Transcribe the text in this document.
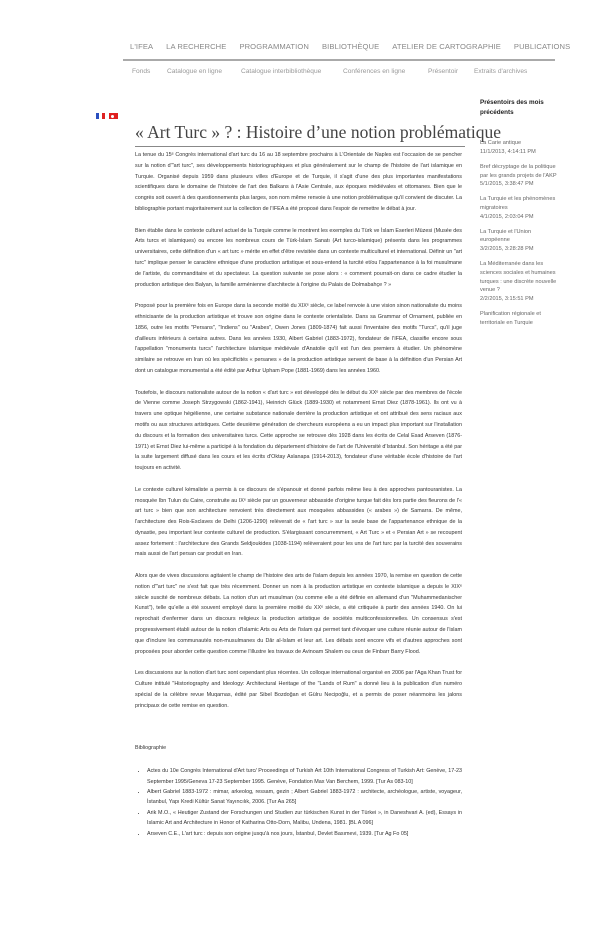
L'IFEA LA RECHERCHE PROGRAMMATION BIBLIOTHÈQUE ATELIER DE CARTOGRAPHIE PUBLICATIONS
Fonds	Catalogue en ligne	Catalogue interbibliothèque	Conférences en ligne	Présentoir Extraits d'archives
« Art Turc » ? : Histoire d’une notion problématique

La tenue du 15ᵉ Congrès international d'art turc du 16 au 18 septembre prochains à L'Orientale de Naples est l'occasion de se pencher sur la notion d'"art turc", ses développements historiographiques et plus généralement sur le champ de l'histoire de l'art islamique en Turquie. Organisé depuis 1959 dans plusieurs villes d'Europe et de Turquie, il s'agit d'une des plus importantes manifestations scientifiques dans le domaine de l'histoire de l'art des Balkans à l'Asie Centrale, aux époques médiévales et ottomanes. Bien que le congrès soit ouvert à des questionnements plus larges, son nom même renvoie à une notion problématique qu'il convient de discuter. La bibliographie portant majoritairement sur la collection de l'IFEA a été proposé dans l'espoir de remettre le débat à jour.

Bien établie dans le contexte culturel actuel de la Turquie comme le montrent les exemples du Türk ve İslam Eserleri Müzesi (Musée des Arts turcs et islamiques) ou encore les nombreux cours de Türk-İslam Sanatı (Art turco-islamique) présents dans les programmes universitaires, cette définition d'un « art turc » mérite en effet d'être revisitée dans un contexte multiculturel et international. Définir un "art turc" implique penser le caractère ethnique d'une production artistique et sous-entend la turcité et/ou l'appartenance à la foi musulmane de l'artiste, du commanditaire et du spectateur. La question suivante se pose alors : « comment pourrait-on dans ce cadre étudier la production artistique des Balyan, la famille arménienne d'architecte à l'origine du Palais de Dolmabahçe ? »

Proposé pour la première fois en Europe dans la seconde moitié du XIXᵉ siècle, ce label renvoie à une vision sinon nationaliste du moins ethnicisante de la production artistique et trouve son origine dans le contexte orientaliste. Dans sa Grammar of Ornament, publiée en 1856, outre les motifs "Persans", "Indiens" ou "Arabes", Owen Jones (1809-1874) fait aussi l'inventaire des motifs "Turcs", qu'il juge d'ailleurs inférieurs à certains autres. Dans les années 1930, Albert Gabriel (1883-1972), fondateur de l'IFEA, classifie encore sous l'appellation "monuments turcs" l'architecture islamique médiévale d'Anatolie qu'il est l'un des premiers à étudier. Un phénomène similaire se retrouve en Iran où les spécificités « persanes » de la production artistique servent de base à la définition d'un Persian Art dont un catalogue monumental a été édité par Arthur Upham Pope (1881-1969) dans les années 1960.

Toutefois, le discours nationaliste autour de la notion « d'art turc » est développé dès le début du XXᵉ siècle par des membres de l'école de Vienne comme Joseph Strzygowski (1862-1941), Heinrich Glück (1889-1930) et notamment Ernst Diez (1878-1961). Ils ont vu à travers une optique hégélienne, une certaine substance nationale derrière la production artistique et ont attribué des sens raciaux aux motifs ou aux structures artistiques. Cette deuxième génération de chercheurs européens a eu un impact plus important sur l'installation du discours et la formation des universitaires turcs. Cette approche se retrouve dès 1928 dans les écrits de Celal Esad Arseven (1876-1971) et Ernst Diez lui-même a participé à la fondation du département d'histoire de l'art de l'Université d'Istanbul. Son héritage a été par la suite largement diffusé dans les cours et les écrits d'Oktay Aslanapa (1914-2013), fondateur d'une véritable école d'histoire de l'art toujours en activité.

Le contexte culturel kémaliste a permis à ce discours de s'épanouir et donné parfois même lieu à des approches pantouranistes. La mosquée Ibn Tulun du Caire, construite au IXᵉ siècle par un gouverneur abbasside d'origine turque fait dès lors partie des fleurons de l'« art turc » bien que son architecture renvoient très directement aux mosquées abbassides (« arabes ») de Samarra. De même, l'architecture des Rois-Esclaves de Delhi (1206-1290) relèverait de « l'art turc » sur la seule base de l'appartenance ethnique de la dynastie, peu important leur contexte culturel de production. S'élargissant concurremment, « Art Turc » et « Persian Art » se recoupent assez fortement : l'architecture des Grands Seldjoukides (1038-1194) relèveraient pour les uns de l'art turc par la turcité des souverains mais aussi de l'art persan car produit en Iran.

Alors que de vives discussions agitaient le champ de l'histoire des arts de l'islam depuis les années 1970, la remise en question de cette notion d'"art turc" ne s'est fait que très récemment. Donner un nom à la production artistique en contexte islamique a depuis le XIXᵉ siècle suscité de nombreux débats. La notion d'un art musulman (ou comme elle a été définie en allemand d'un "Muhammedanischer Kunst"), telle qu'elle a été souvent employé dans la première moitié du XXᵉ siècle, a été critiquée à partir des années 1940. On lui reprochait d'enfermer dans un discours religieux la production artistique de sociétés multiconfessionnelles. Un consensus s'est progressivement établi autour de la notion d'Islamic Arts ou Arts de l'islam qui permet tant d'évoquer une culture réunie autour de l'islam que d'inclure les communautés non-musulmanes du Dâr al-Islam et leur art. Les débats sont encore vifs et d'autres approches sont proposées pour aborder cette question comme l'illustre les travaux de Avinoam Shalem ou ceux de Finbarr Barry Flood.

Les discussions sur la notion d'art turc sont cependant plus récentes. Un colloque international organisé en 2006 par l'Aga Khan Trust for Culture intitulé "Historiography and Ideology: Architectural Heritage of the "Lands of Rum" a donné lieu à la publication d'un numéro spécial de la célèbre revue Muqarnas, édité par Sibel Bozdoğan et Gülru Necipoğlu, et a permis de poser néanmoins les jalons principaux de cette remise en question.

Bibliographie

• Actes du 10e Congrès International d'Art turc/ Proceedings of Turkish Art 10th International Congress of Turkish Art: Genève, 17-23 September 1995/Geneva 17-23 September 1995. Genève, Fondation Max Van Berchem, 1999. [Tur As 083-10]
• Albert Gabriel 1883-1972 : mimar, arkeolog, ressam, gezin ; Albert Gabriel 1883-1972 : architecte, archéologue, artiste, voyageur, İstanbul, Yapı Kredi Kültür Sanat Yayıncılık, 2006. [Tur Aa 265]
• Arik M.O., « Heutiger Zustand der Forschungen und Studien zur türkischen Kunst in der Türkei », in Daneshvari A. (ed), Essays in Islamic Art and Architecture in Honor of Katharina Otto-Dorn, Malibu, Undena, 1981. [BL A 096]
• Arseven C.E., L'art turc : depuis son origine jusqu'à nos jours, İstanbul, Devlet Basımevi, 1939. [Tur Ag Fo 05]
Présentoirs des mois précédents
La Carie antique
11/1/2013, 4:14:11 PM
Bref décryptage de la politique par les grands projets de l'AKP
5/1/2015, 3:38:47 PM
La Turquie et les phénomènes migratoires
4/1/2015, 2:03:04 PM
La Turquie et l'Union européenne
3/2/2015, 3:28:28 PM
La Méditerranée dans les sciences sociales et humaines turques : une discrète nouvelle venue ?
2/2/2015, 3:15:51 PM
Planification régionale et territoriale en Turquie
